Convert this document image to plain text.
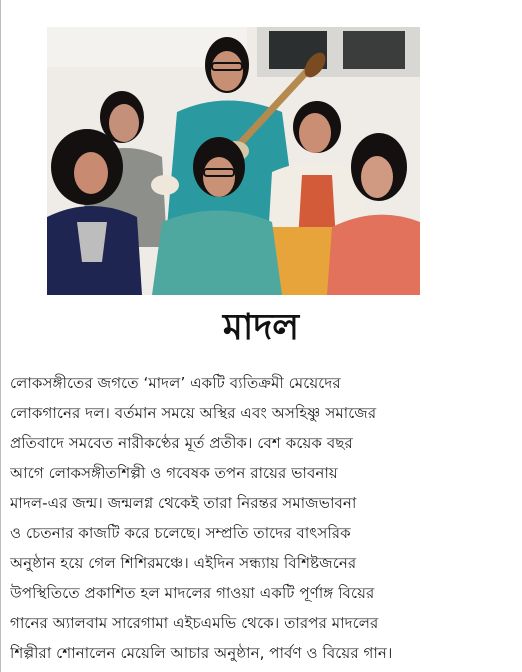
মাদল
লোকসঙ্গীতের জগতে ‘মাদল’ একটি ব্যতিক্রমী মেয়েদের
লোকগানের দল। বর্তমান সময়ে অস্থির এবং অসহিষ্ণু সমাজের
প্রতিবাদে সমবেত নারীকণ্ঠের মূর্ত প্রতীক। বেশ কয়েক বছর
আগে লোকসঙ্গীতশিল্পী ও গবেষক তপন রায়ের ভাবনায়
মাদল-এর জন্ম। জন্মলগ্ন থেকেই তারা নিরন্তর সমাজভাবনা
ও চেতনার কাজটি করে চলেছে। সম্প্রতি তাদের বাৎসরিক
অনুষ্ঠান হয়ে গেল শিশিরমঞ্চে। এইদিন সন্ধ্যায় বিশিষ্টজনের
উপস্থিতিতে প্রকাশিত হল মাদলের গাওয়া একটি পূর্ণাঙ্গ বিয়ের
গানের অ্যালবাম সারেগামা এইচএমভি থেকে। তারপর মাদলের
শিল্পীরা শোনালেন মেয়েলি আচার অনুষ্ঠান, পার্বণ ও বিয়ের গান।
